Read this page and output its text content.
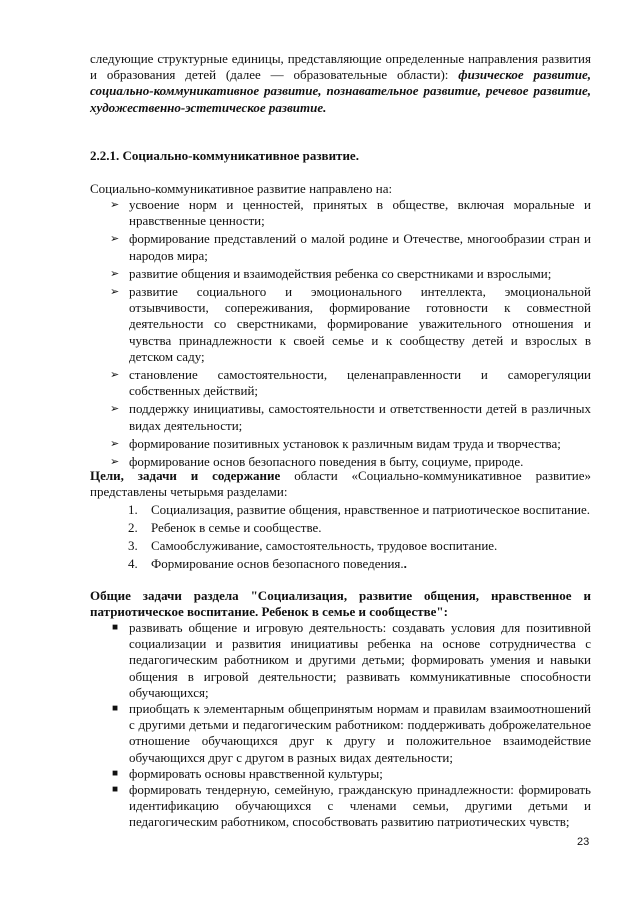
следующие структурные единицы, представляющие определенные направления развития и образования детей (далее — образовательные области): физическое развитие, социально-коммуникативное развитие, познавательное развитие, речевое развитие, художественно-эстетическое развитие.

2.2.1. Социально-коммуникативное развитие.

Социально-коммуникативное развитие направлено на:

➢ усвоение норм и ценностей, принятых в обществе, включая моральные и нравственные ценности;
➢ формирование представлений о малой родине и Отечестве, многообразии стран и народов мира;
➢ развитие общения и взаимодействия ребенка со сверстниками и взрослыми;
➢ развитие социального и эмоционального интеллекта, эмоциональной отзывчивости, сопереживания, формирование готовности к совместной деятельности со сверстниками, формирование уважительного отношения и чувства принадлежности к своей семье и к сообществу детей и взрослых в детском саду;
➢ становление самостоятельности, целенаправленности и саморегуляции собственных действий;
➢ поддержку инициативы, самостоятельности и ответственности детей в различных видах деятельности;
➢ формирование позитивных установок к различным видам труда и творчества;
➢ формирование основ безопасного поведения в быту, социуме, природе.

Цели, задачи и содержание области «Социально-коммуникативное развитие» представлены четырьмя разделами:

1. Социализация, развитие общения, нравственное и патриотическое воспитание.
2. Ребенок в семье и сообществе.
3. Самообслуживание, самостоятельность, трудовое воспитание.
4. Формирование основ безопасного поведения..

Общие задачи раздела "Социализация, развитие общения, нравственное и патриотическое воспитание. Ребенок в семье и сообществе":

■ развивать общение и игровую деятельность: создавать условия для позитивной социализации и развития инициативы ребенка на основе сотрудничества с педагогическим работником и другими детьми; формировать умения и навыки общения в игровой деятельности; развивать коммуникативные способности обучающихся;
■ приобщать к элементарным общепринятым нормам и правилам взаимоотношений с другими детьми и педагогическим работником: поддерживать доброжелательное отношение обучающихся друг к другу и положительное взаимодействие обучающихся друг с другом в разных видах деятельности;
■ формировать основы нравственной культуры;
■ формировать тендерную, семейную, гражданскую принадлежности: формировать идентификацию обучающихся с членами семьи, другими детьми и педагогическим работником, способствовать развитию патриотических чувств;
23
